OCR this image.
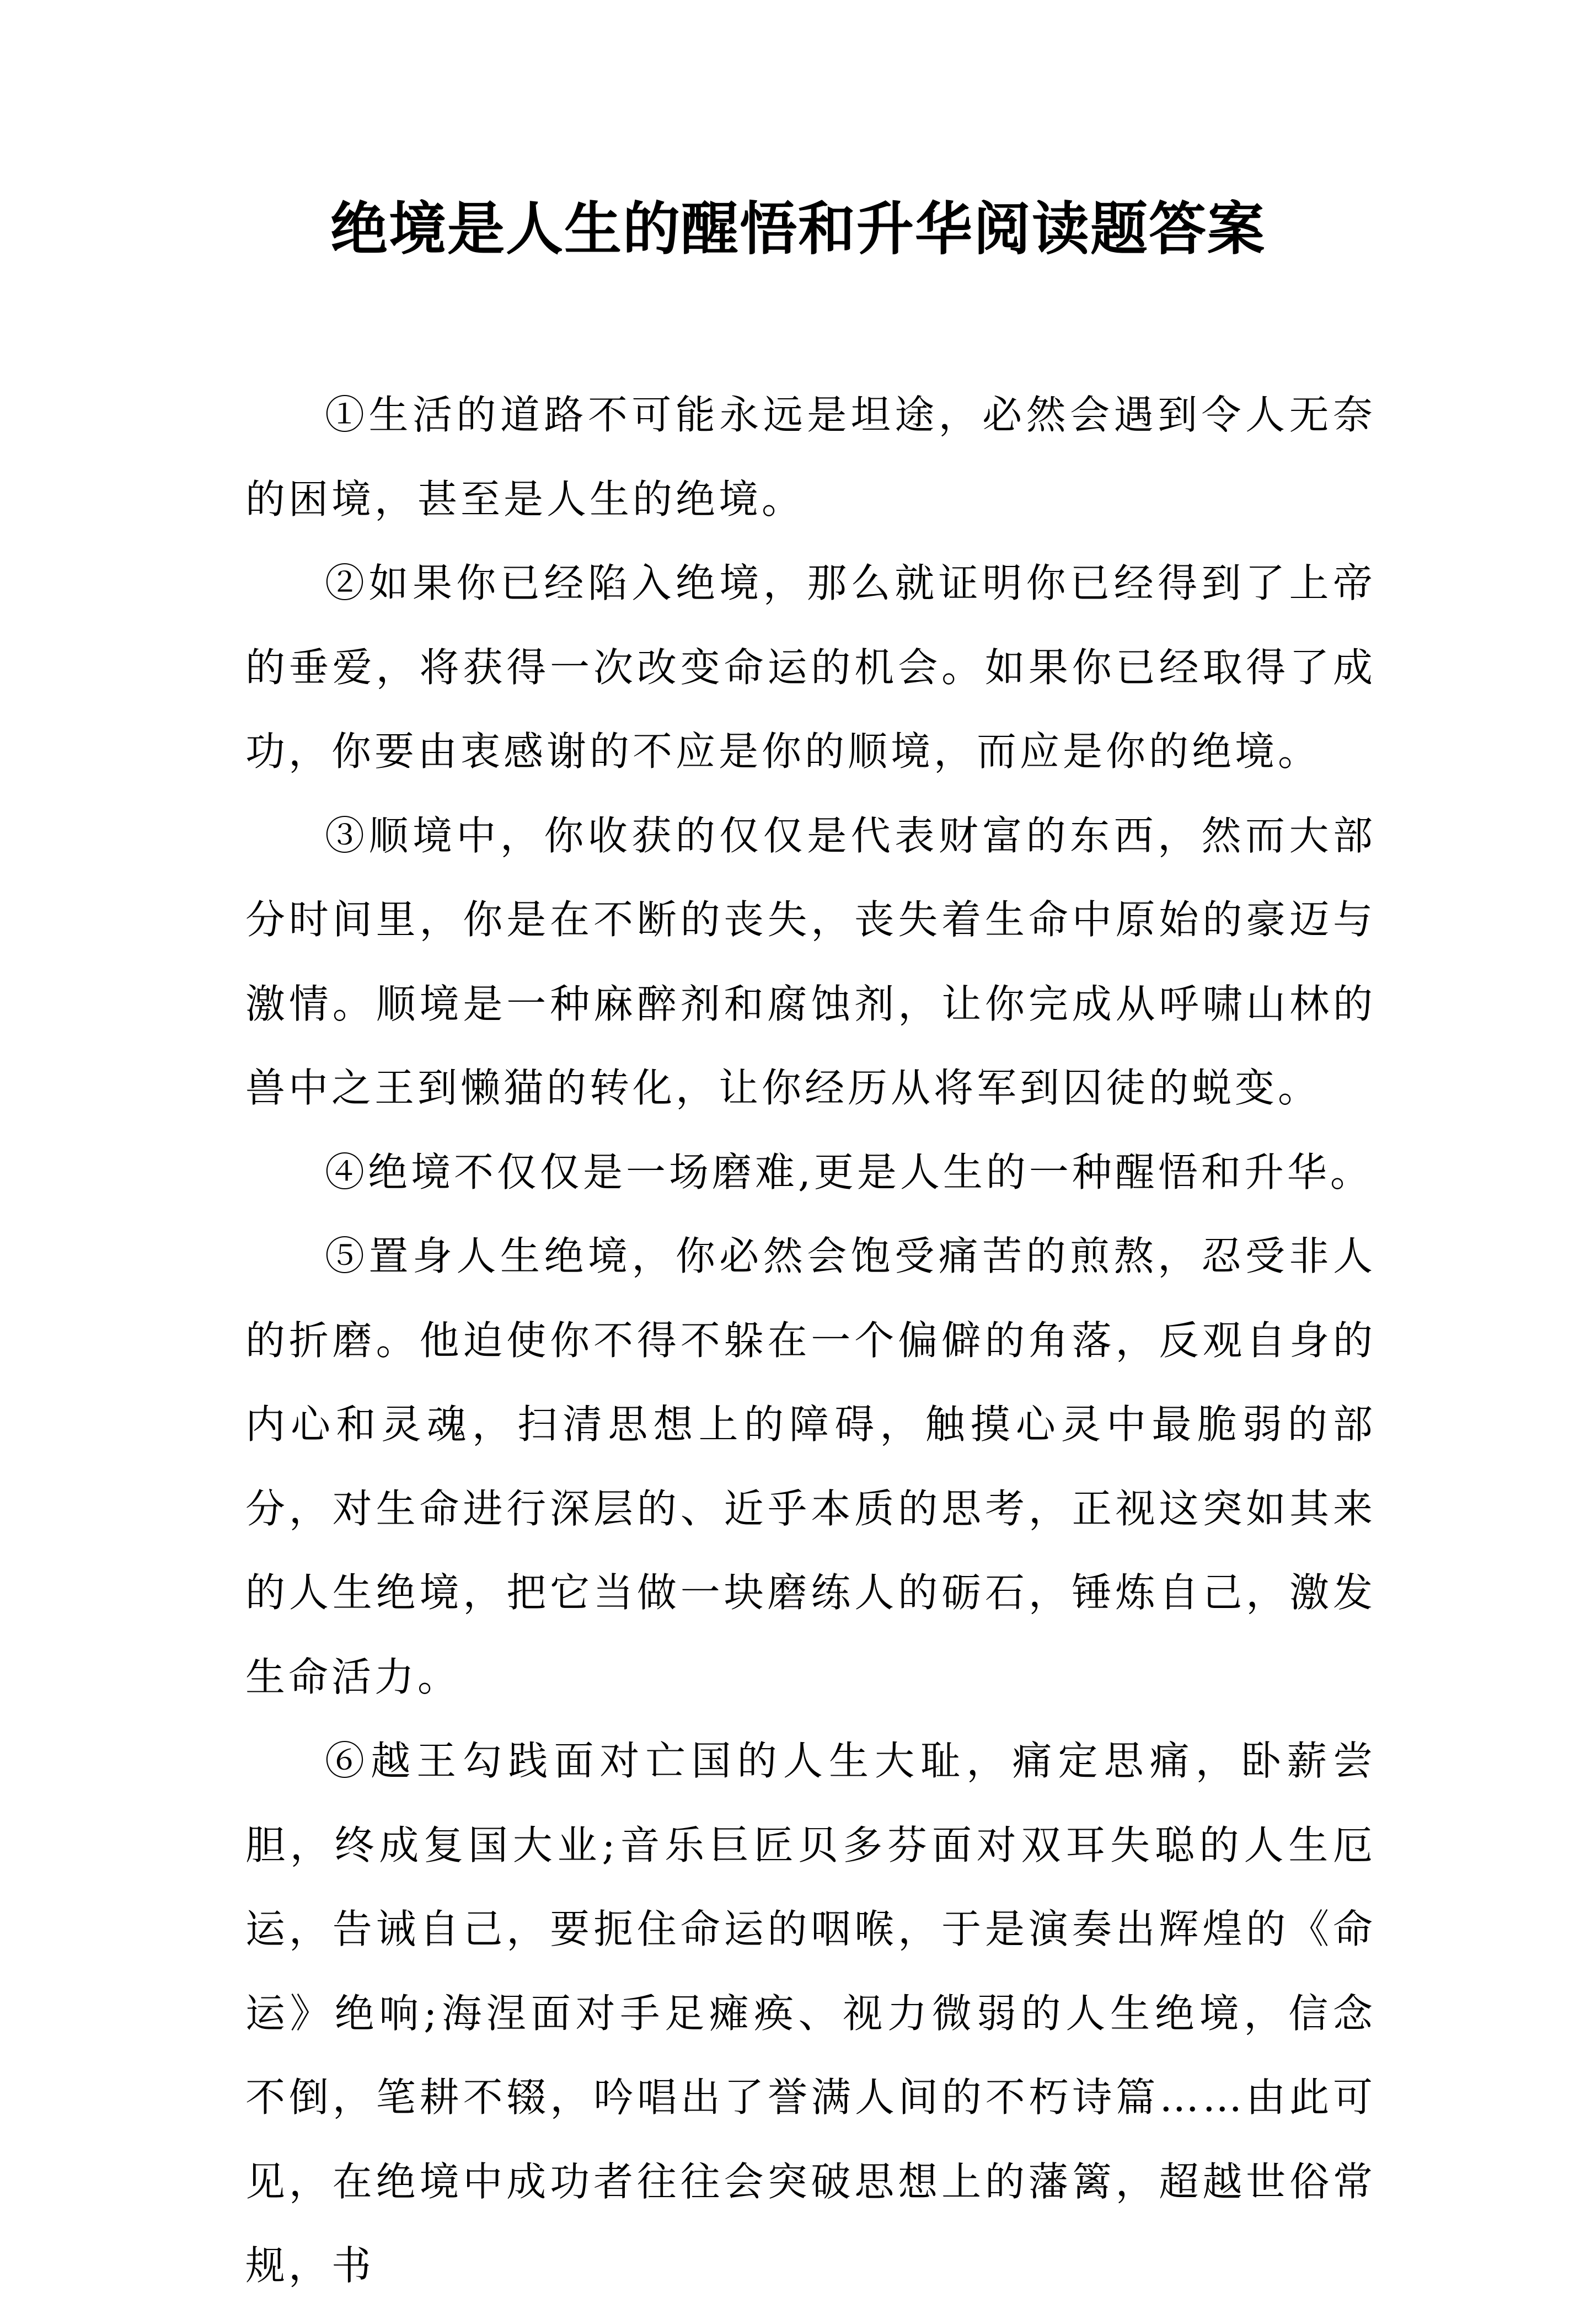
绝境是人生的醒悟和升华阅读题答案

①生活的道路不可能永远是坦途，必然会遇到令人无奈的困境，甚至是人生的绝境。

②如果你已经陷入绝境，那么就证明你已经得到了上帝的垂爱，将获得一次改变命运的机会。如果你已经取得了成功，你要由衷感谢的不应是你的顺境，而应是你的绝境。

③顺境中，你收获的仅仅是代表财富的东西，然而大部分时间里，你是在不断的丧失，丧失着生命中原始的豪迈与激情。顺境是一种麻醉剂和腐蚀剂，让你完成从呼啸山林的兽中之王到懒猫的转化，让你经历从将军到囚徒的蜕变。

④绝境不仅仅是一场磨难,更是人生的一种醒悟和升华。

⑤置身人生绝境，你必然会饱受痛苦的煎熬，忍受非人的折磨。他迫使你不得不躲在一个偏僻的角落，反观自身的内心和灵魂，扫清思想上的障碍，触摸心灵中最脆弱的部分，对生命进行深层的、近乎本质的思考，正视这突如其来的人生绝境，把它当做一块磨练人的砺石，锤炼自己，激发生命活力。

⑥越王勾践面对亡国的人生大耻，痛定思痛，卧薪尝胆，终成复国大业;音乐巨匠贝多芬面对双耳失聪的人生厄运，告诫自己，要扼住命运的咽喉，于是演奏出辉煌的《命运》绝响;海涅面对手足瘫痪、视力微弱的人生绝境，信念不倒，笔耕不辍，吟唱出了誉满人间的不朽诗篇……由此可见，在绝境中成功者往往会突破思想上的藩篱，超越世俗常规，书
